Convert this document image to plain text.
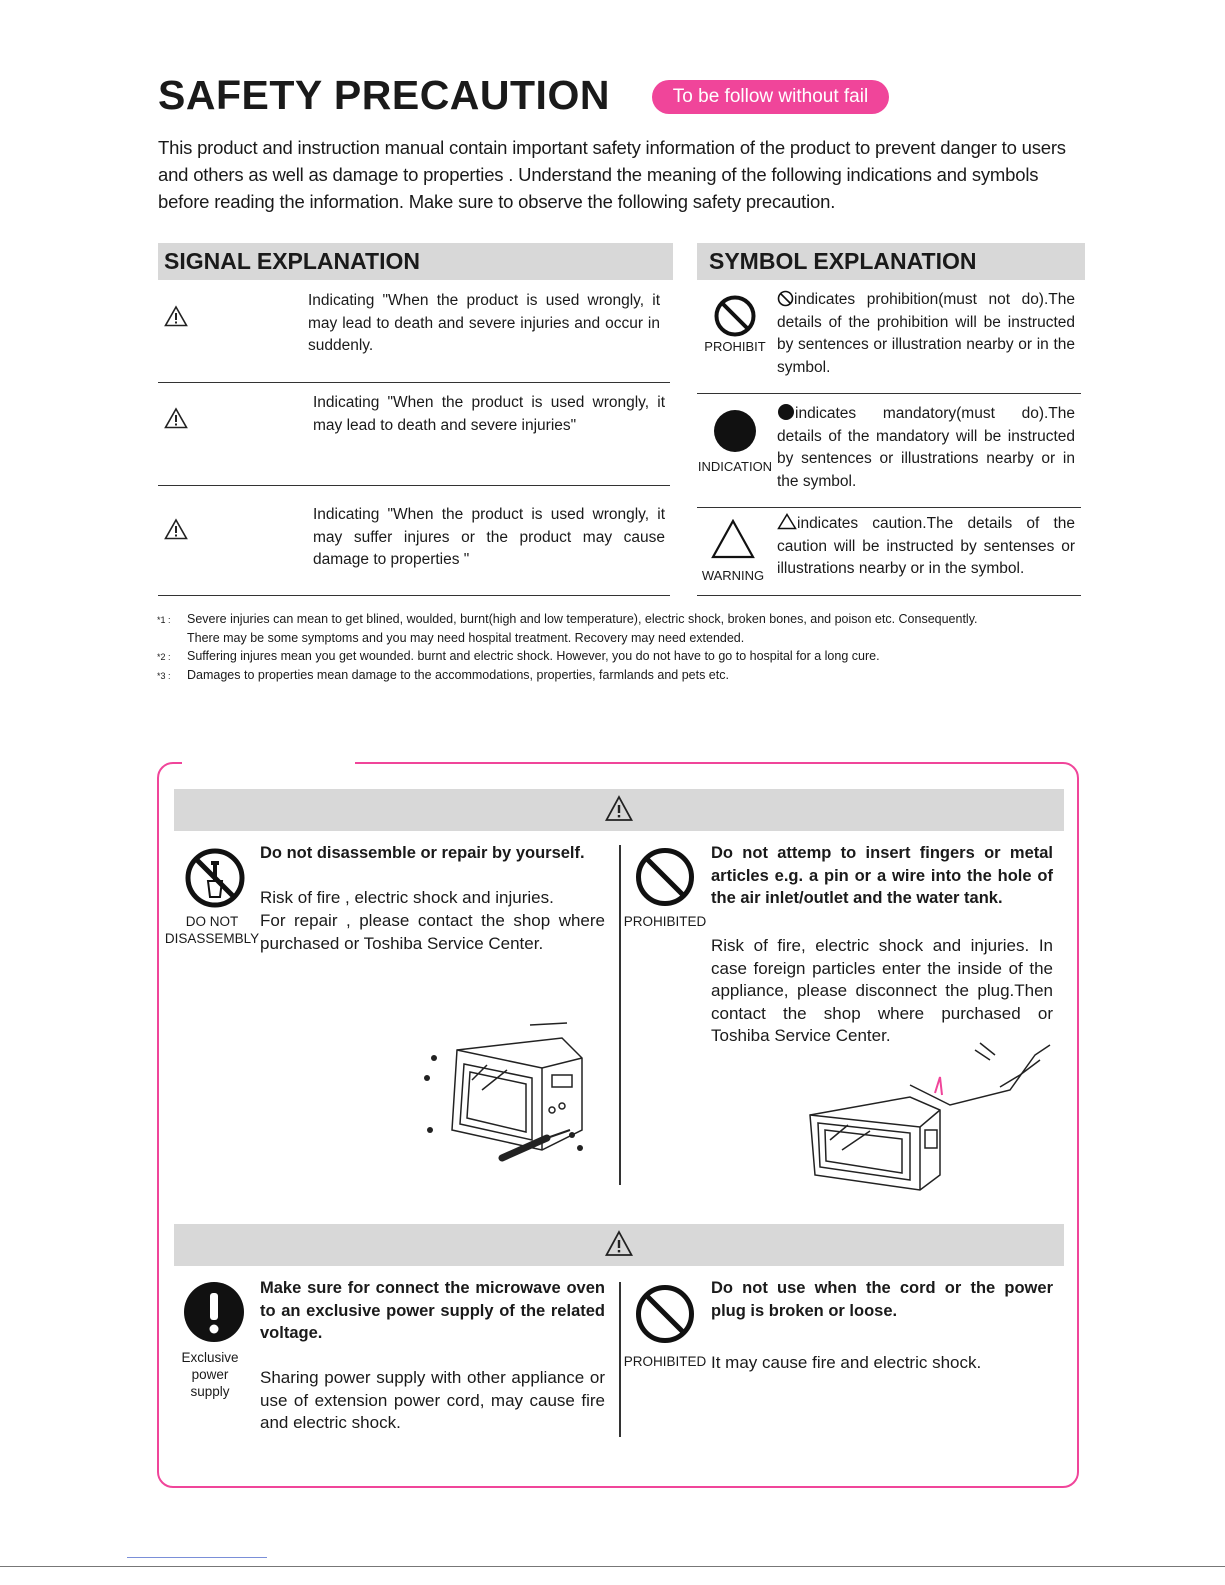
SAFETY PRECAUTION	To be follow without fail
This product and instruction manual contain important safety information of the product to prevent danger to users and others as well as damage to properties . Understand the meaning of the following indications and symbols before reading the information. Make sure to observe the following safety precaution.
SIGNAL EXPLANATION
Indicating "When the product is used wrongly, it may lead to death and severe injuries and occur in suddenly.
Indicating "When the product is used wrongly, it may lead to death and severe injuries"
Indicating "When the product is used wrongly, it may suffer injures or the product may cause damage to properties "
SYMBOL EXPLANATION
PROHIBIT
indicates prohibition(must not do).The details of the prohibition will be instructed by sentences or illustration nearby or in the symbol.
INDICATION
indicates mandatory(must do).The details of the mandatory will be instructed by sentences or illustrations nearby or in the symbol.
WARNING
indicates caution.The details of the caution will be instructed by sentenses or illustrations nearby or in the symbol.
*1 : Severe injuries can mean to get blined, woulded, burnt(high and low temperature), electric shock, broken bones, and poison etc. Consequently.
There may be some symptoms and you may need hospital treatment. Recovery may need extended.
*2 : Suffering injures mean you get wounded. burnt and electric shock. However, you do not have to go to hospital for a long cure.
*3 : Damages to properties mean damage to the accommodations, properties, farmlands and pets etc.
DO NOT
DISASSEMBLY
Do not disassemble or repair by yourself.
Risk of fire , electric shock and injuries.
For repair , please contact the shop where purchased or Toshiba Service Center.
PROHIBITED
Do not attemp to insert fingers or metal articles e.g. a pin or a wire into the hole of the air inlet/outlet and the water tank.
Risk of fire, electric shock and injuries. In case foreign particles enter the inside of the appliance, please disconnect the plug.Then contact the shop where purchased or Toshiba Service Center.
Exclusive
power
supply
Make sure for connect the microwave oven to an exclusive power supply of the related voltage.
Sharing power supply with other appliance or use of extension power cord, may cause fire and electric shock.
PROHIBITED
Do not use when the cord or the power plug is broken or loose.
It may cause fire and electric shock.
